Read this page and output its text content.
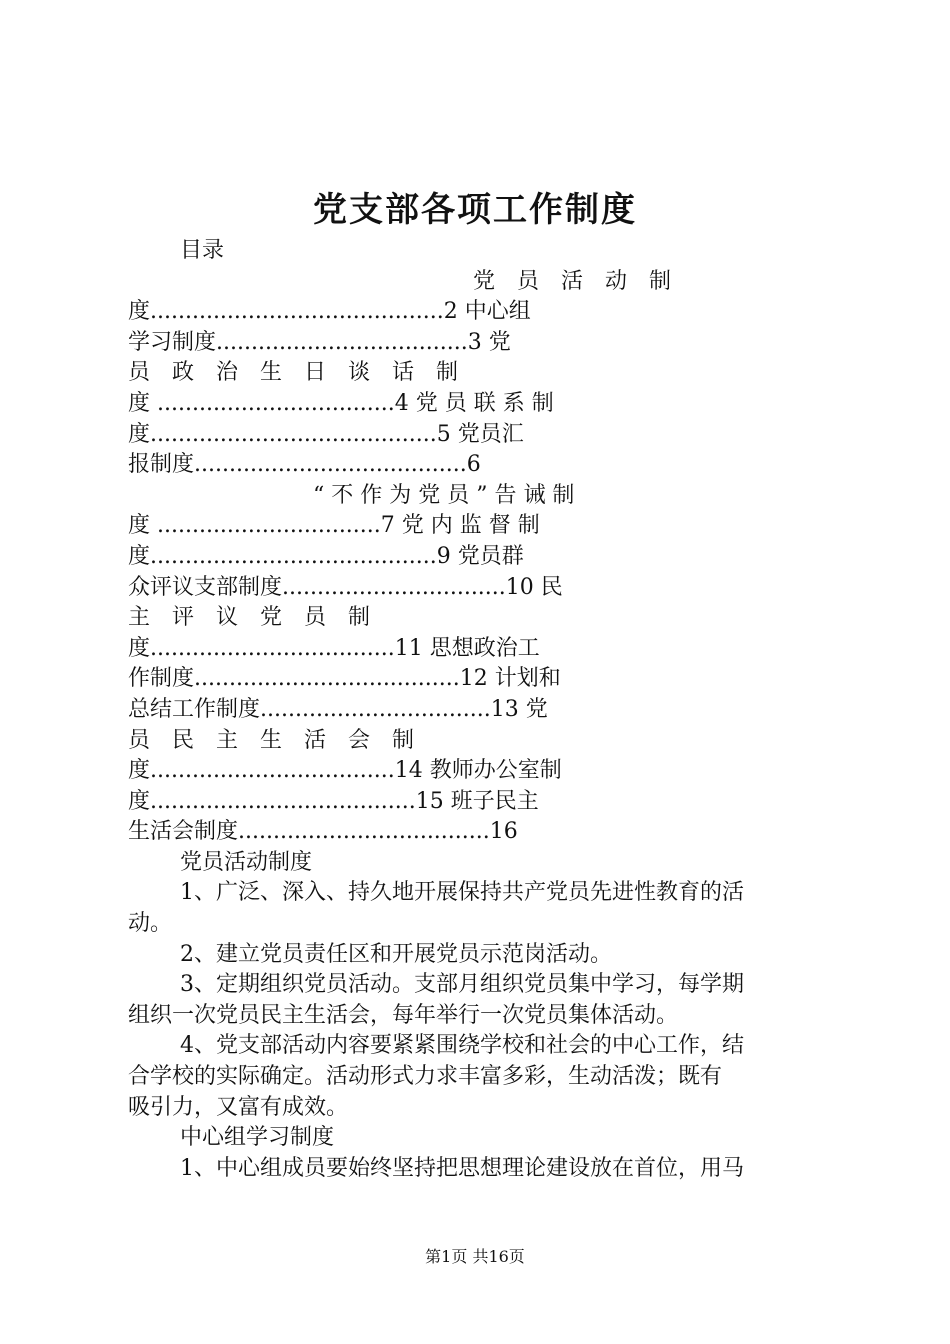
党支部各项工作制度
目录
党　员　活　动　制
度..........................................2 中心组
学习制度....................................3 党
员　政　治　生　日　谈　话　制
度 ..................................4 党 员 联 系 制
度.........................................5 党员汇
报制度.......................................6
“ 不 作 为 党 员 ” 告 诫 制
度 ................................7 党 内 监 督 制
度.........................................9 党员群
众评议支部制度................................10 民
主　评　议　党　员　制
度...................................11 思想政治工
作制度......................................12 计划和
总结工作制度.................................13 党
员　民　主　生　活　会　制
度...................................14 教师办公室制
度......................................15 班子民主
生活会制度....................................16
党员活动制度
1、广泛、深入、持久地开展保持共产党员先进性教育的活
动。
2、建立党员责任区和开展党员示范岗活动。
3、定期组织党员活动。支部月组织党员集中学习，每学期
组织一次党员民主生活会，每年举行一次党员集体活动。
4、党支部活动内容要紧紧围绕学校和社会的中心工作，结
合学校的实际确定。活动形式力求丰富多彩，生动活泼；既有
吸引力，又富有成效。
中心组学习制度
1、中心组成员要始终坚持把思想理论建设放在首位，用马
第1页 共16页
